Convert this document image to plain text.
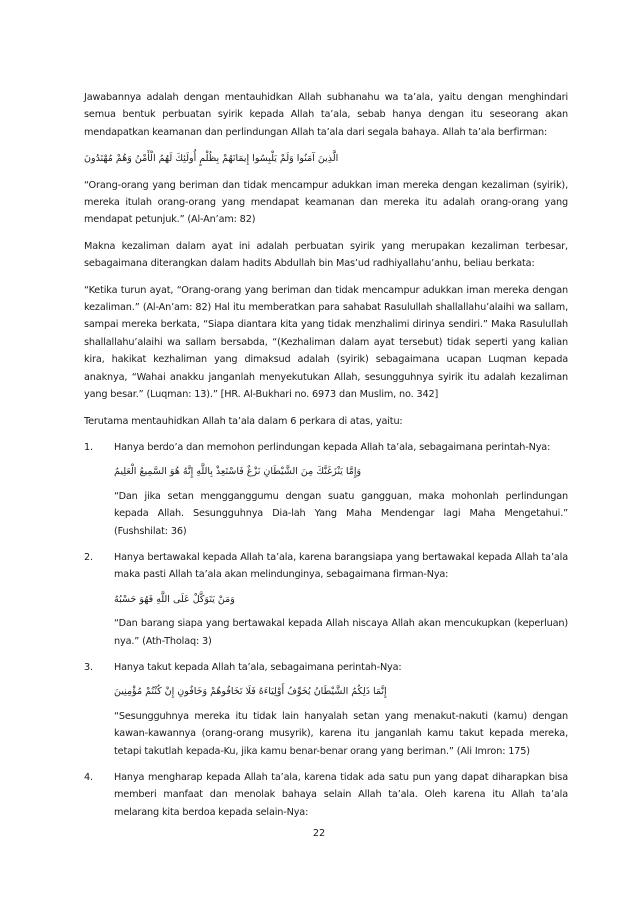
Jawabannya adalah dengan mentauhidkan Allah subhanahu wa ta’ala, yaitu dengan menghindari semua bentuk perbuatan syirik kepada Allah ta’ala, sebab hanya dengan itu seseorang akan mendapatkan keamanan dan perlindungan Allah ta’ala dari segala bahaya. Allah ta’ala berfirman:

الَّذِينَ آمَنُوا وَلَمْ يَلْبِسُوا إِيمَانَهُمْ بِظُلْمٍ أُولَئِكَ لَهُمُ الْأَمْنُ وَهُمْ مُهْتَدُونَ

“Orang-orang yang beriman dan tidak mencampur adukkan iman mereka dengan kezaliman (syirik), mereka itulah orang-orang yang mendapat keamanan dan mereka itu adalah orang-orang yang mendapat petunjuk.” (Al-An’am: 82)

Makna kezaliman dalam ayat ini adalah perbuatan syirik yang merupakan kezaliman terbesar, sebagaimana diterangkan dalam hadits Abdullah bin Mas’ud radhiyallahu’anhu, beliau berkata:

“Ketika turun ayat, “Orang-orang yang beriman dan tidak mencampur adukkan iman mereka dengan kezaliman.” (Al-An’am: 82) Hal itu memberatkan para sahabat Rasulullah shallallahu’alaihi wa sallam, sampai mereka berkata, “Siapa diantara kita yang tidak menzhalimi dirinya sendiri.” Maka Rasulullah shallallahu’alaihi wa sallam bersabda, “(Kezhaliman dalam ayat tersebut) tidak seperti yang kalian kira, hakikat kezhaliman yang dimaksud adalah (syirik) sebagaimana ucapan Luqman kepada anaknya, “Wahai anakku janganlah menyekutukan Allah, sesungguhnya syirik itu adalah kezaliman yang besar.” (Luqman: 13).” [HR. Al-Bukhari no. 6973 dan Muslim, no. 342]

Terutama mentauhidkan Allah ta’ala dalam 6 perkara di atas, yaitu:

1. Hanya berdo’a dan memohon perlindungan kepada Allah ta’ala, sebagaimana perintah-Nya:

وَإِمَّا يَنْزَغَنَّكَ مِنَ الشَّيْطَانِ نَزْغٌ فَاسْتَعِذْ بِاللَّهِ إِنَّهُ هُوَ السَّمِيعُ الْعَلِيمُ

“Dan jika setan mengganggumu dengan suatu gangguan, maka mohonlah perlindungan kepada Allah. Sesungguhnya Dia-lah Yang Maha Mendengar lagi Maha Mengetahui.” (Fushshilat: 36)

2. Hanya bertawakal kepada Allah ta’ala, karena barangsiapa yang bertawakal kepada Allah ta’ala maka pasti Allah ta’ala akan melindunginya, sebagaimana firman-Nya:

وَمَنْ يَتَوَكَّلْ عَلَى اللَّهِ فَهُوَ حَسْبُهُ

“Dan barang siapa yang bertawakal kepada Allah niscaya Allah akan mencukupkan (keperluan) nya.” (Ath-Tholaq: 3)

3. Hanya takut kepada Allah ta’ala, sebagaimana perintah-Nya:

إِنَّمَا ذَلِكُمُ الشَّيْطَانُ يُخَوِّفُ أَوْلِيَاءَهُ فَلَا تَخَافُوهُمْ وَخَافُونِ إِنْ كُنْتُمْ مُؤْمِنِينَ

“Sesungguhnya mereka itu tidak lain hanyalah setan yang menakut-nakuti (kamu) dengan kawan-kawannya (orang-orang musyrik), karena itu janganlah kamu takut kepada mereka, tetapi takutlah kepada-Ku, jika kamu benar-benar orang yang beriman.” (Ali Imron: 175)

4. Hanya mengharap kepada Allah ta’ala, karena tidak ada satu pun yang dapat diharapkan bisa memberi manfaat dan menolak bahaya selain Allah ta’ala. Oleh karena itu Allah ta’ala melarang kita berdoa kepada selain-Nya:

22
